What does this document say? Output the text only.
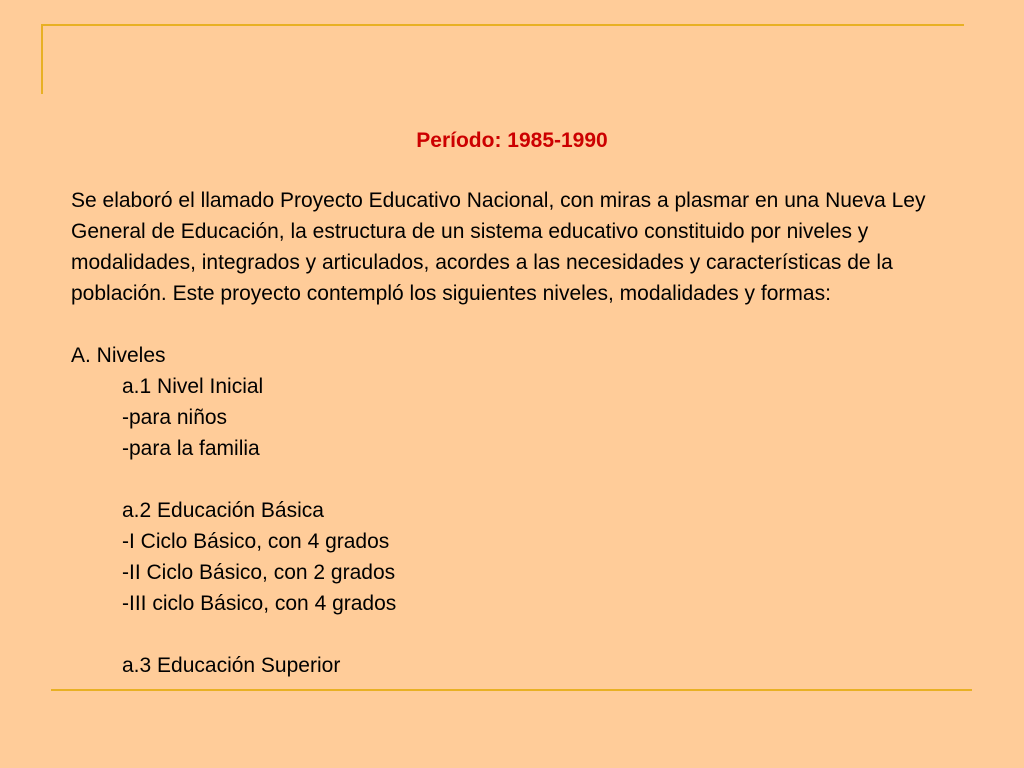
Período: 1985-1990

Se elaboró el llamado Proyecto Educativo Nacional, con miras a plasmar en una Nueva Ley General de Educación, la estructura de un sistema educativo constituido por niveles y modalidades, integrados y articulados, acordes a las necesidades y características de la población. Este proyecto contempló los siguientes niveles, modalidades y formas:

A. Niveles
a.1 Nivel Inicial
-para niños
-para la familia
a.2 Educación Básica
-I Ciclo Básico, con 4 grados
-II Ciclo Básico, con 2 grados
-III ciclo Básico, con 4 grados
a.3 Educación Superior
